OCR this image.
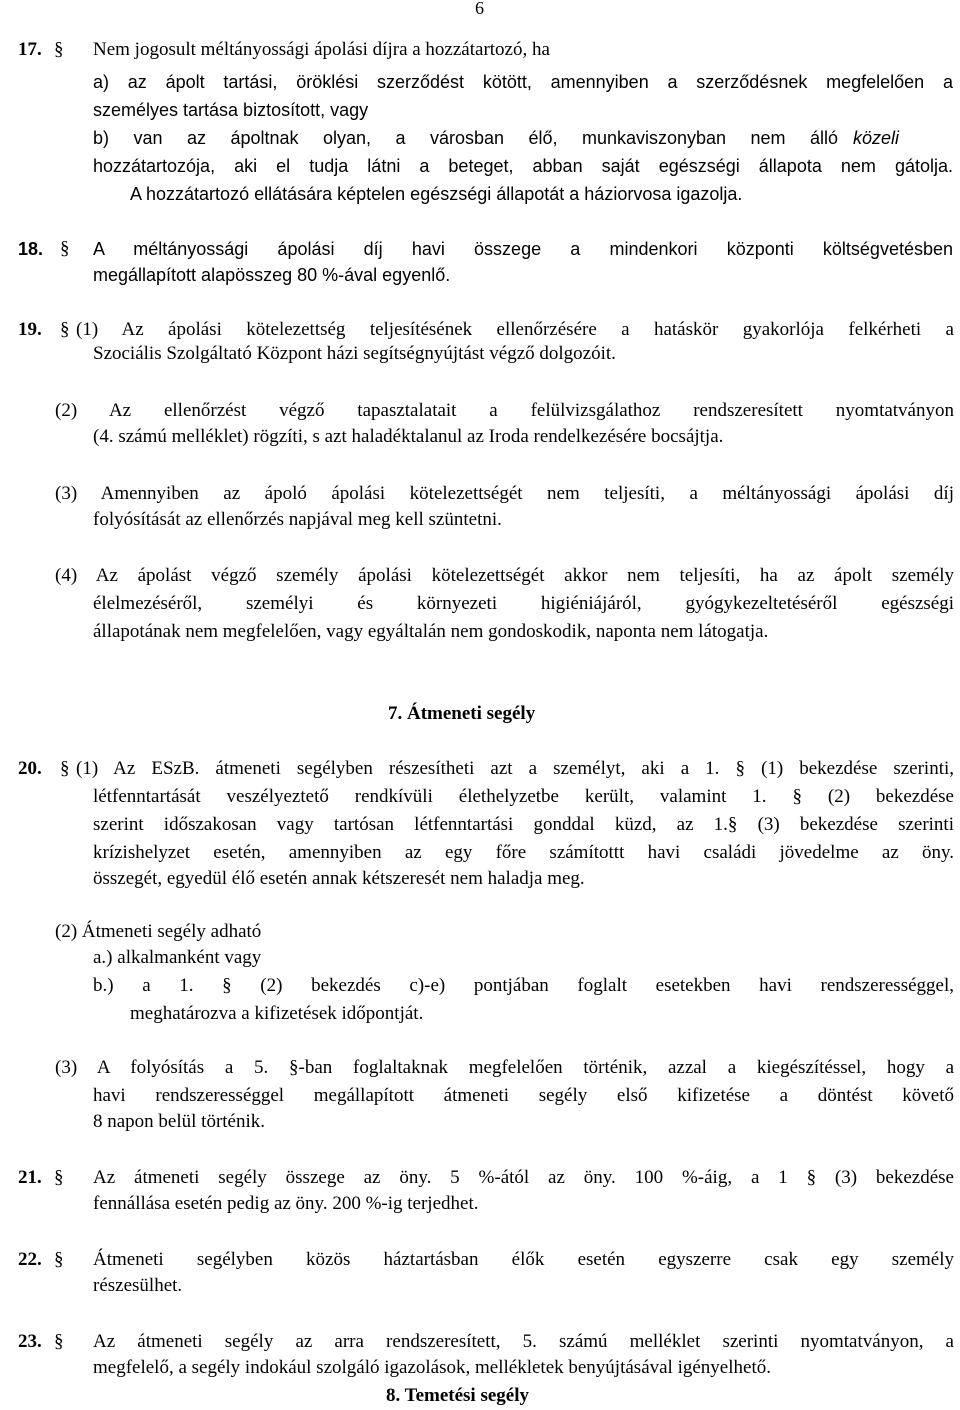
6
17. § Nem jogosult méltányossági ápolási díjra a hozzátartozó, ha
a) az ápolt tartási, öröklési szerződést kötött, amennyiben a szerződésnek megfelelően a
személyes tartása biztosított, vagy
b) van az ápoltnak olyan, a városban élő, munkaviszonyban nem álló közeli
hozzátartozója, aki el tudja látni a beteget, abban saját egészségi állapota nem gátolja.
A hozzátartozó ellátására képtelen egészségi állapotát a háziorvosa igazolja.
18. § A méltányossági ápolási díj havi összege a mindenkori központi költségvetésben
megállapított alapösszeg 80 %-ával egyenlő.
19. § (1) Az ápolási kötelezettség teljesítésének ellenőrzésére a hatáskör gyakorlója felkérheti a
Szociális Szolgáltató Központ házi segítségnyújtást végző dolgozóit.
(2) Az ellenőrzést végző tapasztalatait a felülvizsgálathoz rendszeresített nyomtatványon
(4. számú melléklet) rögzíti, s azt haladéktalanul az Iroda rendelkezésére bocsájtja.
(3) Amennyiben az ápoló ápolási kötelezettségét nem teljesíti, a méltányossági ápolási díj
folyósítását az ellenőrzés napjával meg kell szüntetni.
(4) Az ápolást végző személy ápolási kötelezettségét akkor nem teljesíti, ha az ápolt személy
élelmezéséről, személyi és környezeti higiéniájáról, gyógykezeltetéséről egészségi
állapotának nem megfelelően, vagy egyáltalán nem gondoskodik, naponta nem látogatja.
7. Átmeneti segély
20. § (1) Az ESzB. átmeneti segélyben részesítheti azt a személyt, aki a 1. § (1) bekezdése szerinti,
létfenntartását veszélyeztető rendkívüli élethelyzetbe került, valamint 1. § (2) bekezdése
szerint időszakosan vagy tartósan létfenntartási gonddal küzd, az 1.§ (3) bekezdése szerinti
krízishelyzet esetén, amennyiben az egy főre számítottt havi családi jövedelme az öny.
összegét, egyedül élő esetén annak kétszeresét nem haladja meg.
(2) Átmeneti segély adható
a.) alkalmanként vagy
b.) a 1. § (2) bekezdés c)-e) pontjában foglalt esetekben havi rendszerességgel,
meghatározva a kifizetések időpontját.
(3) A folyósítás a 5. §-ban foglaltaknak megfelelően történik, azzal a kiegészítéssel, hogy a
havi rendszerességgel megállapított átmeneti segély első kifizetése a döntést követő
8 napon belül történik.
21. § Az átmeneti segély összege az öny. 5 %-ától az öny. 100 %-áig, a 1 § (3) bekezdése
fennállása esetén pedig az öny. 200 %-ig terjedhet.
22. § Átmeneti segélyben közös háztartásban élők esetén egyszerre csak egy személy
részesülhet.
23. § Az átmeneti segély az arra rendszeresített, 5. számú melléklet szerinti nyomtatványon, a
megfelelő, a segély indokául szolgáló igazolások, mellékletek benyújtásával igényelhető.
8. Temetési segély
